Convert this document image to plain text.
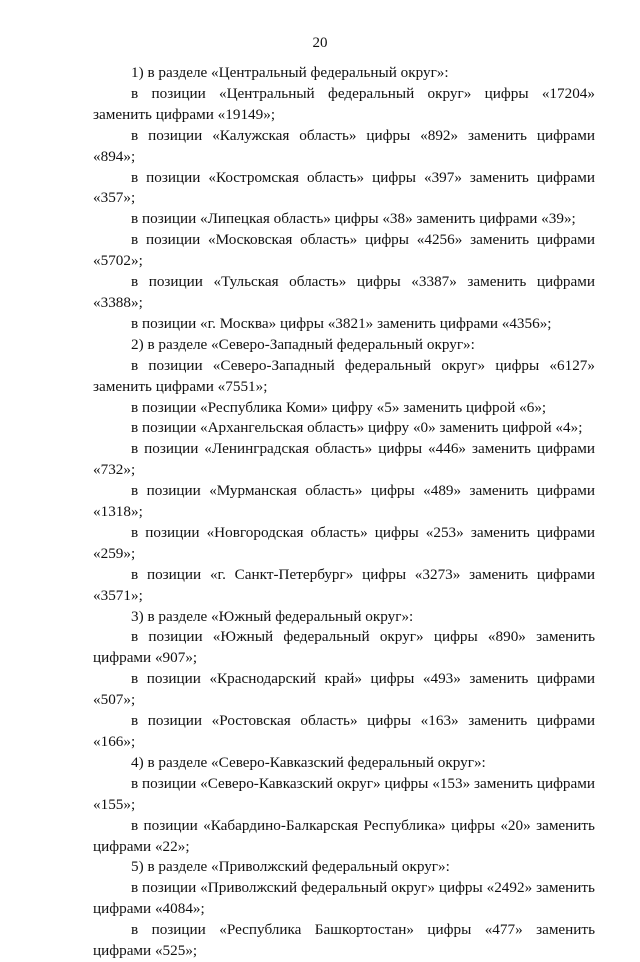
20

1) в разделе «Центральный федеральный округ»:

в позиции «Центральный федеральный округ» цифры «17204» заменить цифрами «19149»;

в позиции «Калужская область» цифры «892» заменить цифрами «894»;

в позиции «Костромская область» цифры «397» заменить цифрами «357»;

в позиции «Липецкая область» цифры «38» заменить цифрами «39»;

в позиции «Московская область» цифры «4256» заменить цифрами «5702»;

в позиции «Тульская область» цифры «3387» заменить цифрами «3388»;

в позиции «г. Москва» цифры «3821» заменить цифрами «4356»;

2) в разделе «Северо-Западный федеральный округ»:

в позиции «Северо-Западный федеральный округ» цифры «6127» заменить цифрами «7551»;

в позиции «Республика Коми» цифру «5» заменить цифрой «6»;

в позиции «Архангельская область» цифру «0» заменить цифрой «4»;

в позиции «Ленинградская область» цифры «446» заменить цифрами «732»;

в позиции «Мурманская область» цифры «489» заменить цифрами «1318»;

в позиции «Новгородская область» цифры «253» заменить цифрами «259»;

в позиции «г. Санкт-Петербург» цифры «3273» заменить цифрами «3571»;

3) в разделе «Южный федеральный округ»:

в позиции «Южный федеральный округ» цифры «890» заменить цифрами «907»;

в позиции «Краснодарский край» цифры «493» заменить цифрами «507»;

в позиции «Ростовская область» цифры «163» заменить цифрами «166»;

4) в разделе «Северо-Кавказский федеральный округ»:

в позиции «Северо-Кавказский округ» цифры «153» заменить цифрами «155»;

в позиции «Кабардино-Балкарская Республика» цифры «20» заменить цифрами «22»;

5) в разделе «Приволжский федеральный округ»:

в позиции «Приволжский федеральный округ» цифры «2492» заменить цифрами «4084»;

в позиции «Республика Башкортостан» цифры «477» заменить цифрами «525»;
